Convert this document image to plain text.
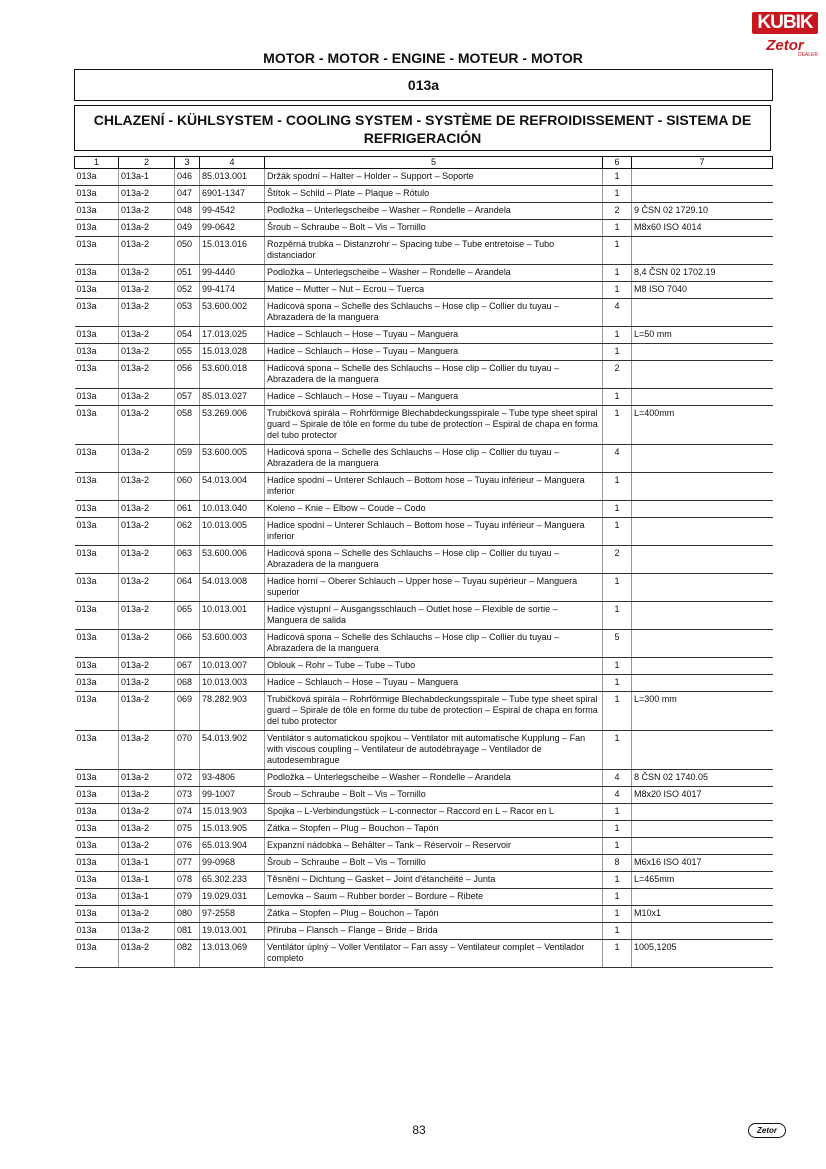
KUBIK
Zetor
DEALER
MOTOR - MOTOR - ENGINE - MOTEUR - MOTOR
013a
CHLAZENÍ - KÜHLSYSTEM - COOLING SYSTEM - SYSTÈME DE REFROIDISSEMENT - SISTEMA DE REFRIGERACIÓN
1	2	3	4	5	6	7
013a	013a-1	046	85.013.001	Držák spodní – Halter – Holder – Support – Soporte	1	
013a	013a-2	047	6901-1347	Štítok – Schild – Plate – Plaque – Rótulo	1	
013a	013a-2	048	99-4542	Podložka – Unterlegscheibe – Washer – Rondelle – Arandela	2	9 ČSN 02 1729.10
013a	013a-2	049	99-0642	Šroub – Schraube – Bolt – Vis – Tornillo	1	M8x60 ISO 4014
013a	013a-2	050	15.013.016	Rozpěrná trubka – Distanzrohr – Spacing tube – Tube entretoise – Tubo distanciador	1	
013a	013a-2	051	99-4440	Podložka – Unterlegscheibe – Washer – Rondelle – Arandela	1	8,4 ČSN 02 1702.19
013a	013a-2	052	99-4174	Matice – Mutter – Nut – Ecrou – Tuerca	1	M8 ISO 7040
013a	013a-2	053	53.600.002	Hadicová spona – Schelle des Schlauchs – Hose clip – Collier du tuyau – Abrazadera de la manguera	4	
013a	013a-2	054	17.013.025	Hadice – Schlauch – Hose – Tuyau – Manguera	1	L=50 mm
013a	013a-2	055	15.013.028	Hadice – Schlauch – Hose – Tuyau – Manguera	1	
013a	013a-2	056	53.600.018	Hadicová spona – Schelle des Schlauchs – Hose clip – Collier du tuyau – Abrazadera de la manguera	2	
013a	013a-2	057	85.013.027	Hadice – Schlauch – Hose – Tuyau – Manguera	1	
013a	013a-2	058	53.269.006	Trubičková spirála – Rohrförmige Blechabdeckungsspirale – Tube type sheet spiral guard – Spirale de tôle en forme du tube de protection – Espiral de chapa en forma del tubo protector	1	L=400mm
013a	013a-2	059	53.600.005	Hadicová spona – Schelle des Schlauchs – Hose clip – Collier du tuyau – Abrazadera de la manguera	4	
013a	013a-2	060	54.013.004	Hadice spodní – Unterer Schlauch – Bottom hose – Tuyau inférieur – Manguera inferior	1	
013a	013a-2	061	10.013.040	Koleno – Knie – Elbow – Coude – Codo	1	
013a	013a-2	062	10.013.005	Hadice spodní – Unterer Schlauch – Bottom hose – Tuyau inférieur – Manguera inferior	1	
013a	013a-2	063	53.600.006	Hadicová spona – Schelle des Schlauchs – Hose clip – Collier du tuyau – Abrazadera de la manguera	2	
013a	013a-2	064	54.013.008	Hadice horní – Oberer Schlauch – Upper hose – Tuyau supérieur – Manguera superior	1	
013a	013a-2	065	10.013.001	Hadice výstupní – Ausgangsschlauch – Outlet hose – Flexible de sortie – Manguera de salida	1	
013a	013a-2	066	53.600.003	Hadicová spona – Schelle des Schlauchs – Hose clip – Collier du tuyau – Abrazadera de la manguera	5	
013a	013a-2	067	10.013.007	Oblouk – Rohr – Tube – Tube – Tubo	1	
013a	013a-2	068	10.013.003	Hadice – Schlauch – Hose – Tuyau – Manguera	1	
013a	013a-2	069	78.282.903	Trubičková spirála – Rohrförmige Blechabdeckungsspirale – Tube type sheet spiral guard – Spirale de tôle en forme du tube de protection – Espiral de chapa en forma del tubo protector	1	L=300 mm
013a	013a-2	070	54.013.902	Ventilátor s automatickou spojkou – Ventilator mit automatische Kupplung – Fan with viscous coupling – Ventilateur de autodébrayage – Ventilador de autodesembrague	1	
013a	013a-2	072	93-4806	Podložka – Unterlegscheibe – Washer – Rondelle – Arandela	4	8 ČSN 02 1740.05
013a	013a-2	073	99-1007	Šroub – Schraube – Bolt – Vis – Tornillo	4	M8x20 ISO 4017
013a	013a-2	074	15.013.903	Spojka – L-Verbindungstück – L-connector – Raccord en L – Racor en L	1	
013a	013a-2	075	15.013.905	Zátka – Stopfen – Plug – Bouchon – Tapón	1	
013a	013a-2	076	65.013.904	Expanzní nádobka – Behälter – Tank – Réservoir – Reservoir	1	
013a	013a-1	077	99-0968	Šroub – Schraube – Bolt – Vis – Tornillo	8	M6x16 ISO 4017
013a	013a-1	078	65.302.233	Těsnění – Dichtung – Gasket – Joint d'étanchéité – Junta	1	L=465mm
013a	013a-1	079	19.029.031	Lemovka – Saum – Rubber border – Bordure – Ribete	1	
013a	013a-2	080	97-2558	Zátka – Stopfen – Plug – Bouchon – Tapón	1	M10x1
013a	013a-2	081	19.013.001	Příruba – Flansch – Flange – Bride – Brida	1	
013a	013a-2	082	13.013.069	Ventilátor úplný – Voller Ventilator – Fan assy – Ventilateur complet – Ventilador completo	1	1005,1205
83	Zetor
